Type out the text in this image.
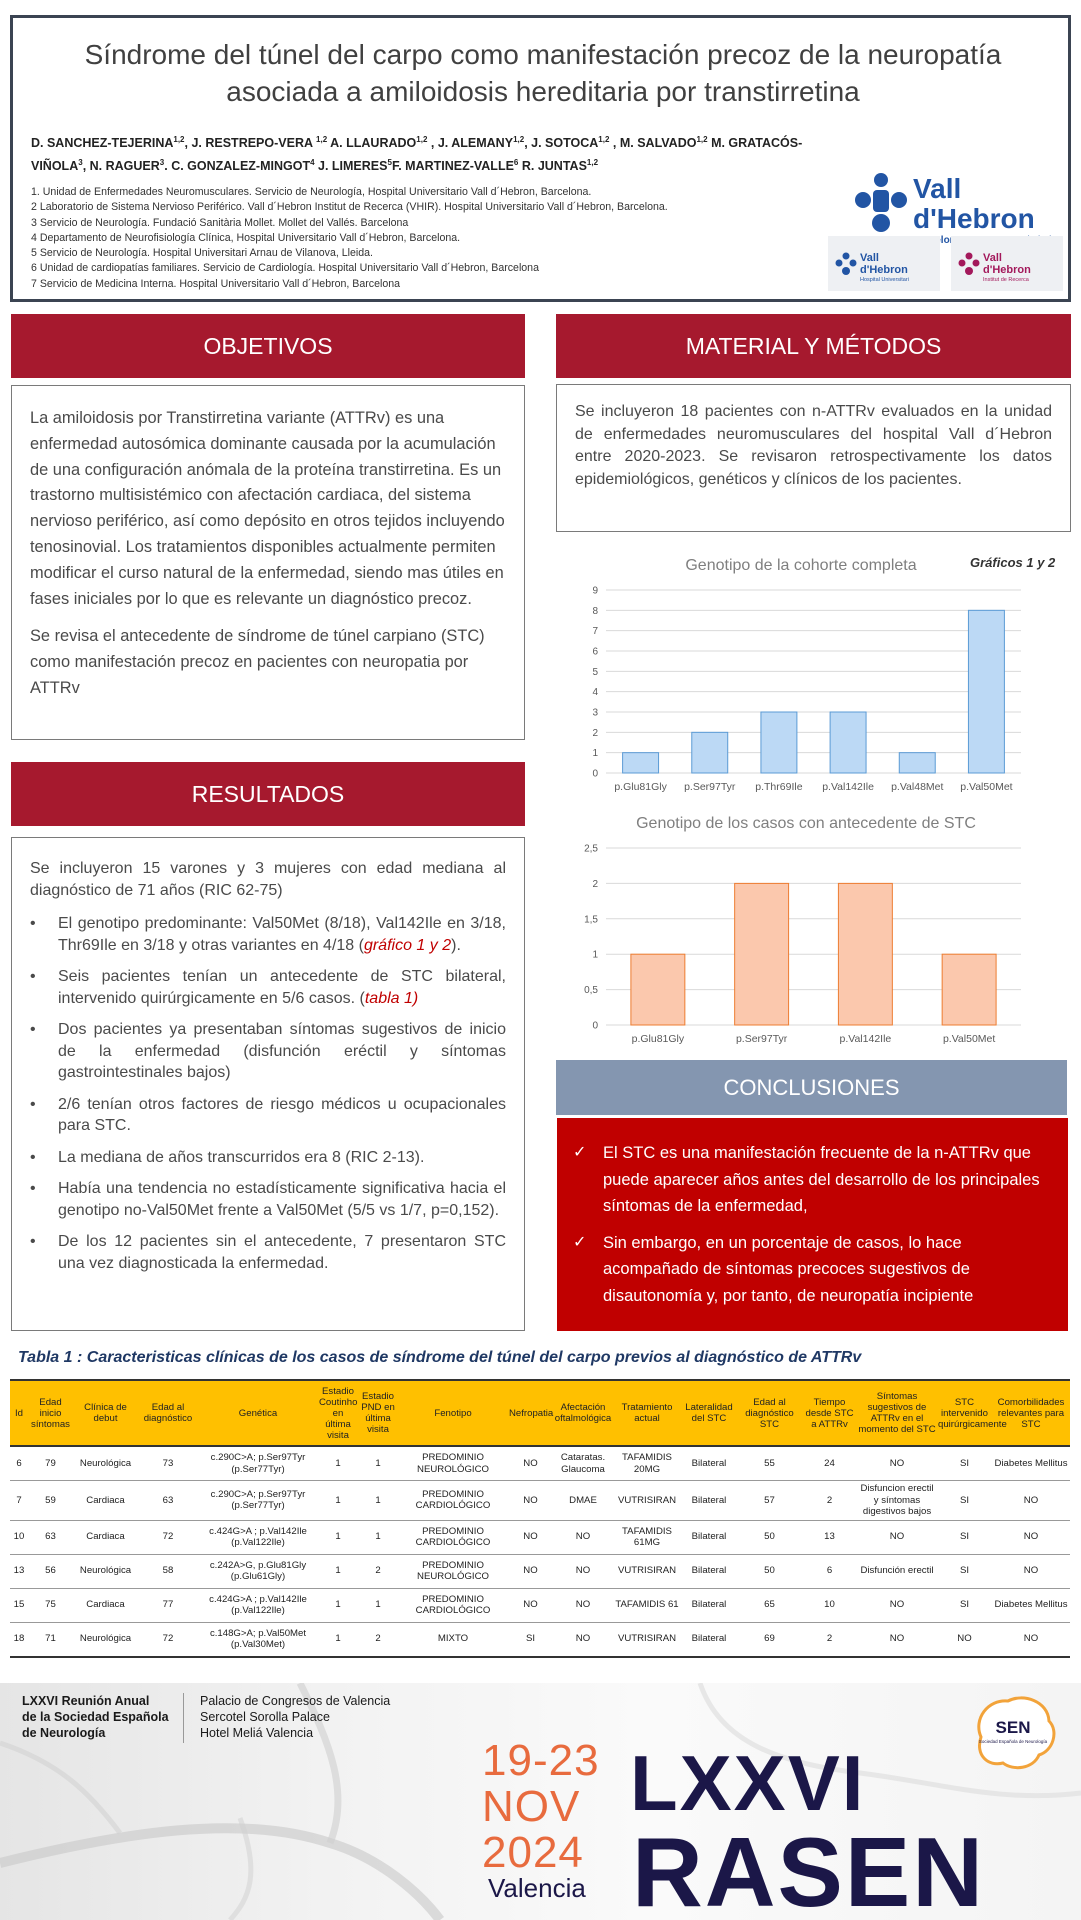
Síndrome del túnel del carpo como manifestación precoz de la neuropatía
asociada a amiloidosis hereditaria por transtirretina
D. SANCHEZ-TEJERINA$^{1,2}$, J. RESTREPO-VERA $^{1,2}$ A. LLAURADO$^{1,2}$ , J. ALEMANY$^{1,2}$, J. SOTOCA$^{1,2}$ , M. SALVADO$^{1,2}$ M. GRATACÓS-VIÑOLA$^3$, N. RAGUER$^3$. C. GONZALEZ-MINGOT$^4$ J. LIMERES$^5$F. MARTINEZ-VALLE$^6$ R. JUNTAS$^{1,2}$
1. Unidad de Enfermedades Neuromusculares. Servicio de Neurología, Hospital Universitario Vall d´Hebron, Barcelona.
2 Laboratorio de Sistema Nervioso Periférico. Vall d´Hebron Institut de Recerca (VHIR). Hospital Universitario Vall d´Hebron, Barcelona.
3 Servicio de Neurología. Fundació Sanitària Mollet. Mollet del Vallés. Barcelona
4 Departamento de Neurofisiología Clínica, Hospital Universitario Vall d´Hebron, Barcelona.
5 Servicio de Neurología. Hospital Universitari Arnau de Vilanova, Lleida.
6 Unidad de cardiopatías familiares. Servicio de Cardiología. Hospital Universitario Vall d´Hebron, Barcelona
7 Servicio de Medicina Interna. Hospital Universitario Vall d´Hebron, Barcelona
Vall
d'Hebron
Vall
d'Hebron
Hospital Universitari
Vall
d'Hebron
Institut de Recerca
OBJETIVOS

La amiloidosis por Transtirretina variante (ATTRv) es una enfermedad autosómica dominante causada por la acumulación de una configuración anómala de la proteína transtirretina. Es un trastorno multisistémico con afectación cardiaca, del sistema nervioso periférico, así como depósito en otros tejidos incluyendo tenosinovial. Los tratamientos disponibles actualmente permiten modificar el curso natural de la enfermedad, siendo mas útiles en fases iniciales por lo que es relevante un diagnóstico precoz.

Se revisa el antecedente de síndrome de túnel carpiano (STC) como manifestación precoz en pacientes con neuropatia por ATTRv

MATERIAL Y MÉTODOS
Se incluyeron 18 pacientes con n-ATTRv evaluados en la unidad de enfermedades neuromusculares del hospital Vall d´Hebron entre 2020-2023. Se revisaron retrospectivamente los datos epidemiológicos, genéticos y clínicos de los pacientes.
RESULTADOS

Se incluyeron 15 varones y 3 mujeres con edad mediana al diagnóstico de 71 años (RIC 62-75)

• El genotipo predominante: Val50Met (8/18), Val142Ile en 3/18, Thr69Ile en 3/18 y otras variantes en 4/18 (gráfico 1 y 2).
• Seis pacientes tenían un antecedente de STC bilateral, intervenido quirúrgicamente en 5/6 casos. (tabla 1)
• Dos pacientes ya presentaban síntomas sugestivos de inicio de la enfermedad (disfunción eréctil y síntomas gastrointestinales bajos)
• 2/6 tenían otros factores de riesgo médicos u ocupacionales para STC.
• La mediana de años transcurridos era 8 (RIC 2-13).
• Había una tendencia no estadísticamente significativa hacia el genotipo no-Val50Met frente a Val50Met (5/5 vs 1/7, p=0,152).
• De los 12 pacientes sin el antecedente, 7 presentaron STC una vez diagnosticada la enfermedad.
Gráficos 1 y 2
Genotipo de la cohorte completa
0
1
2
3
4
5
6
7
8
9
p.Glu81Gly p.Ser97Tyr p.Thr69Ile p.Val142Ile p.Val48Met p.Val50Met
Genotipo de los casos con antecedente de STC
0
0,5
1
1,5
2
2,5
p.Glu81Gly	p.Ser97Tyr	p.Val142Ile	p.Val50Met
CONCLUSIONES
✓ El STC es una manifestación frecuente de la n-ATTRv que puede aparecer años antes del desarrollo de los principales síntomas de la enfermedad,
✓ Sin embargo, en un porcentaje de casos, lo hace acompañado de síntomas precoces sugestivos de disautonomía y, por tanto, de neuropatía incipiente
Tabla 1 : Caracteristicas clínicas de los casos de síndrome del túnel del carpo previos al diagnóstico de ATTRv
Id	Edad inicio síntomas	Clínica de debut	Edad al diagnóstico	Genética	Estadio Coutinho en última visita	Estadio PND en última visita	Fenotipo	Nefropatia	Afectación oftalmológica	Tratamiento actual	Lateralidad del STC	Edad al diagnóstico STC	Tiempo desde STC a ATTRv	Síntomas sugestivos de ATTRv en el momento del STC	STC intervenido quirúrgicamente	Comorbilidades relevantes para STC
6	79	Neurológica	73	c.290C>A; p.Ser97Tyr (p.Ser77Tyr)	1	1	PREDOMINIO NEUROLÓGICO	NO	Cataratas. Glaucoma	TAFAMIDIS 20MG	Bilateral	55	24	NO	SI	Diabetes Mellitus
7	59	Cardiaca	63	c.290C>A; p.Ser97Tyr (p.Ser77Tyr)	1	1	PREDOMINIO CARDIOLÓGICO	NO	DMAE	VUTRISIRAN	Bilateral	57	2	Disfuncion erectil y síntomas digestivos bajos	SI	NO
10	63	Cardiaca	72	c.424G>A ; p.Val142Ile (p.Val122Ile)	1	1	PREDOMINIO CARDIOLÓGICO	NO	NO	TAFAMIDIS 61MG	Bilateral	50	13	NO	SI	NO
13	56	Neurológica	58	c.242A>G, p.Glu81Gly (p.Glu61Gly)	1	2	PREDOMINIO NEUROLÓGICO	NO	NO	VUTRISIRAN	Bilateral	50	6	Disfunción erectil	SI	NO
15	75	Cardiaca	77	c.424G>A ; p.Val142Ile (p.Val122Ile)	1	1	PREDOMINIO CARDIOLÓGICO	NO	NO	TAFAMIDIS 61	Bilateral	65	10	NO	SI	Diabetes Mellitus
18	71	Neurológica	72	c.148G>A; p.Val50Met (p.Val30Met)	1	2	MIXTO	SI	NO	VUTRISIRAN	Bilateral	69	2	NO	NO	NO
LXXVI Reunión Anual
de la Sociedad Española
de Neurología
Palacio de Congresos de Valencia
Sercotel Sorolla Palace
Hotel Meliá Valencia
19-23
NOV
2024
Valencia
LXXVI
RASEN
SEN
Sociedad Española de Neurología
